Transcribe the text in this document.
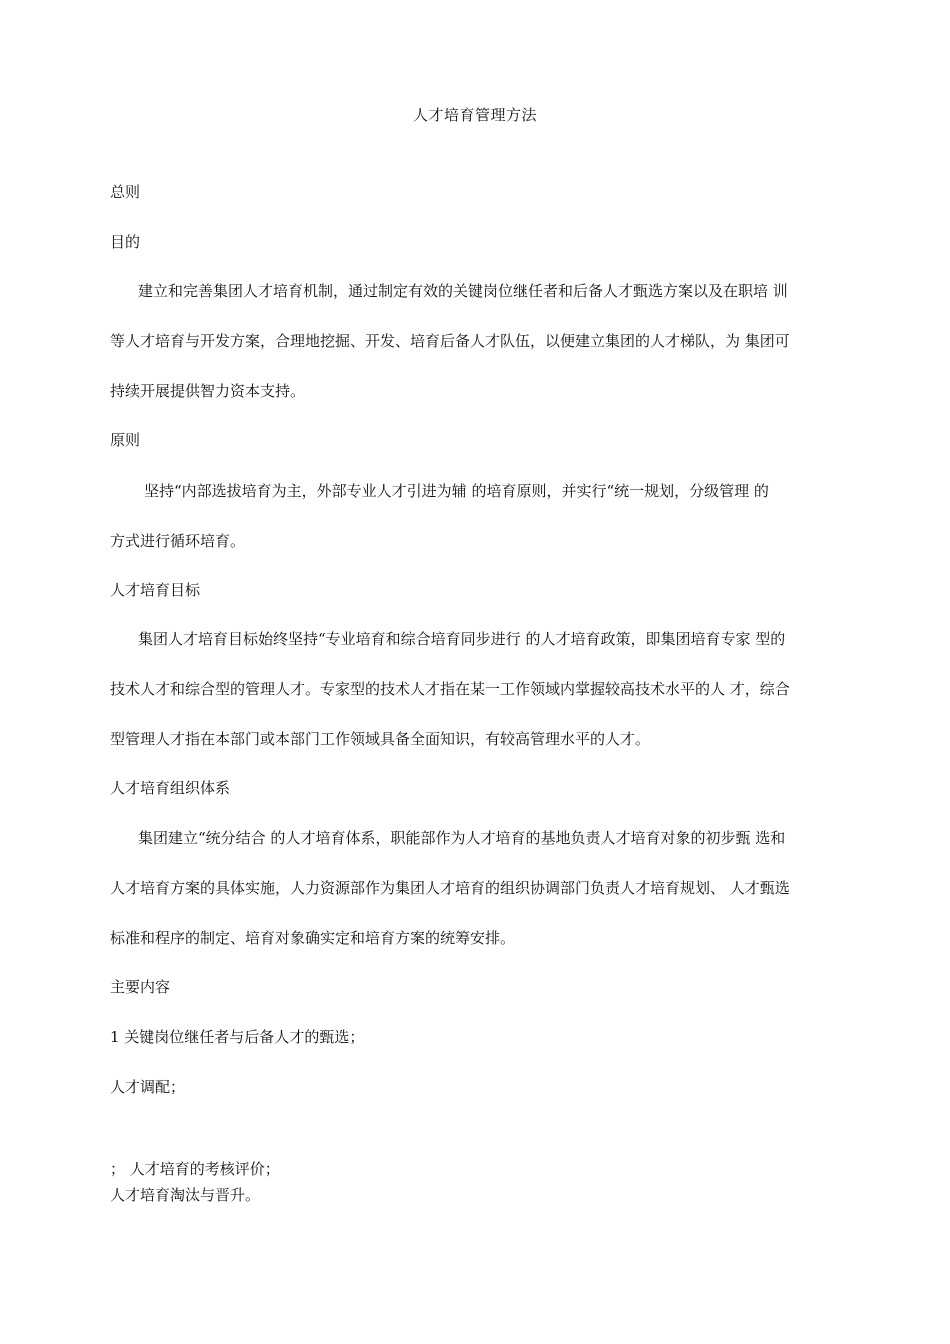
人才培育管理方法
总则
目的
建立和完善集团人才培育机制，通过制定有效的关键岗位继任者和后备人才甄选方案以及在职培 训
等人才培育与开发方案，合理地挖掘、开发、培育后备人才队伍，以便建立集团的人才梯队，为 集团可
持续开展提供智力资本支持。
原则
坚持“内部选拔培育为主，外部专业人才引进为辅 的培育原则，并实行“统一规划，分级管理 的
方式进行循环培育。
人才培育目标
集团人才培育目标始终坚持“专业培育和综合培育同步进行 的人才培育政策，即集团培育专家 型的
技术人才和综合型的管理人才。专家型的技术人才指在某一工作领域内掌握较高技术水平的人 才，综合
型管理人才指在本部门或本部门工作领域具备全面知识，有较高管理水平的人才。
人才培育组织体系
集团建立“统分结合 的人才培育体系，职能部作为人才培育的基地负责人才培育对象的初步甄 选和
人才培育方案的具体实施，人力资源部作为集团人才培育的组织协调部门负责人才培育规划、 人才甄选
标准和程序的制定、培育对象确实定和培育方案的统筹安排。
主要内容
1 关键岗位继任者与后备人才的甄选；
人才调配；
； 人才培育的考核评价；
人才培育淘汰与晋升。
